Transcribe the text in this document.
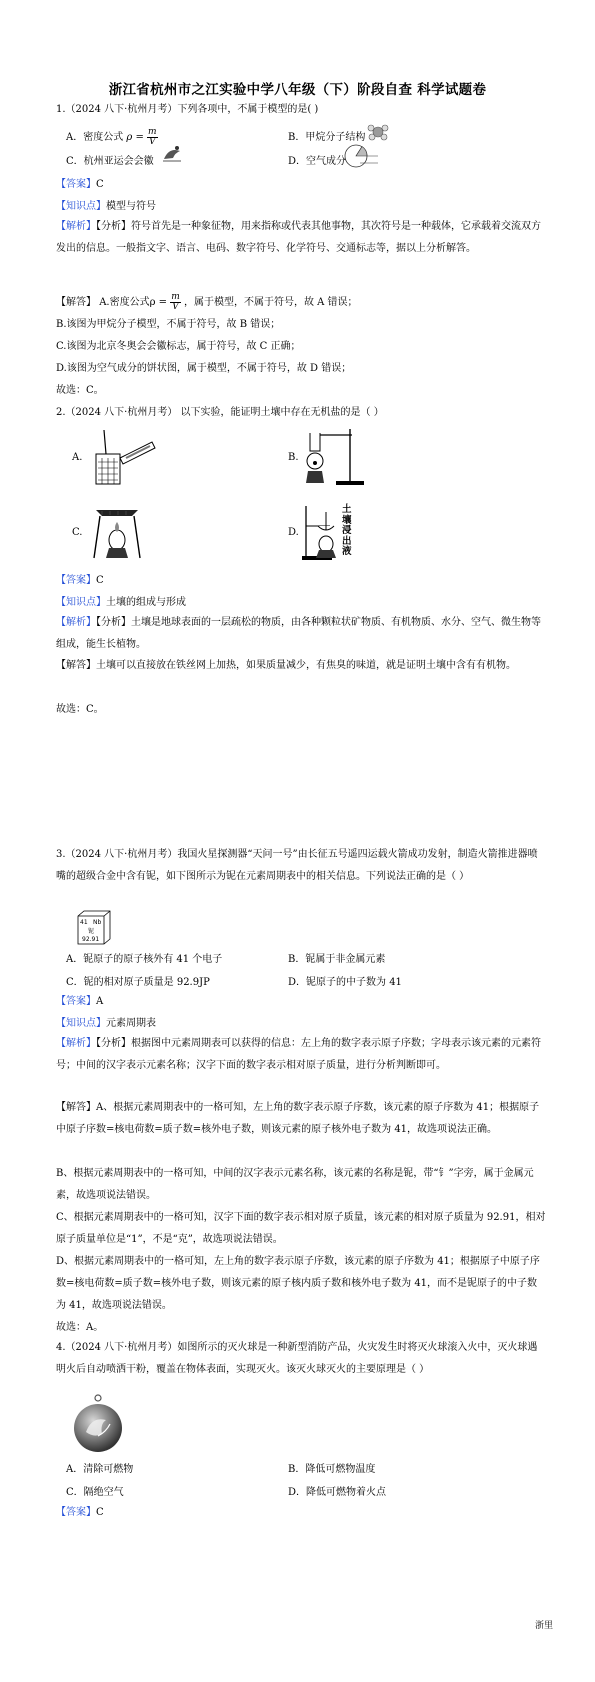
浙江省杭州市之江实验中学八年级（下）阶段自查 科学试题卷
1.（2024 八下·杭州月考）下列各项中，不属于模型的是( )
A．密度公式 $\rho = \frac{m}{V}$	B．甲烷分子结构
C．杭州亚运会会徽	D．空气成分
【答案】C
【知识点】模型与符号
【解析】【分析】符号首先是一种象征物，用来指称或代表其他事物，其次符号是一种载体，它承载着交流双方发出的信息。一般指文字、语言、电码、数字符号、化学符号、交通标志等，据以上分析解答。
【解答】 A.密度公式$\rho = \frac{m}{V}$ ，属于模型，不属于符号，故 A 错误；
B.该图为甲烷分子模型，不属于符号，故 B 错误；
C.该图为北京冬奥会会徽标志，属于符号，故 C 正确；
D.该图为空气成分的饼状图，属于模型，不属于符号，故 D 错误；
故选：C。
2.（2024 八下·杭州月考） 以下实验，能证明土壤中存在无机盐的是（ ）
A.	B.
C.	D.
土壤浸出液
【答案】C
【知识点】土壤的组成与形成
【解析】【分析】土壤是地球表面的一层疏松的物质，由各种颗粒状矿物质、有机物质、水分、空气、微生物等组成，能生长植物。
【解答】土壤可以直接放在铁丝网上加热，如果质量减少，有焦臭的味道，就是证明土壤中含有有机物。
故选：C。
3.（2024 八下·杭州月考）我国火星探测器“天问一号”由长征五号遥四运载火箭成功发射，制造火箭推进器喷嘴的超级合金中含有铌，如下图所示为铌在元素周期表中的相关信息。下列说法正确的是（ ）
41 Nb
铌
92.91
A．铌原子的原子核外有 41 个电子	B．铌属于非金属元素
C．铌的相对原子质量是 92.9JP	D．铌原子的中子数为 41
【答案】A
【知识点】元素周期表
【解析】【分析】根据图中元素周期表可以获得的信息：左上角的数字表示原子序数；字母表示该元素的元素符号；中间的汉字表示元素名称；汉字下面的数字表示相对原子质量，进行分析判断即可。
【解答】A、根据元素周期表中的一格可知，左上角的数字表示原子序数，该元素的原子序数为 41；根据原子中原子序数=核电荷数=质子数=核外电子数，则该元素的原子核外电子数为 41，故选项说法正确。
B、根据元素周期表中的一格可知，中间的汉字表示元素名称，该元素的名称是铌，带“钅”字旁，属于金属元素，故选项说法错误。
C、根据元素周期表中的一格可知，汉字下面的数字表示相对原子质量，该元素的相对原子质量为 92.91，相对原子质量单位是“1”，不是“克”，故选项说法错误。
D、根据元素周期表中的一格可知，左上角的数字表示原子序数，该元素的原子序数为 41；根据原子中原子序数=核电荷数=质子数=核外电子数，则该元素的原子核内质子数和核外电子数为 41，而不是铌原子的中子数为 41，故选项说法错误。
故选：A。
4.（2024 八下·杭州月考）如图所示的灭火球是一种新型消防产品，火灾发生时将灭火球滚入火中，灭火球遇明火后自动喷洒干粉，覆盖在物体表面，实现灭火。该灭火球灭火的主要原理是（ ）
A．清除可燃物	B．降低可燃物温度
C．隔绝空气	D．降低可燃物着火点
【答案】C
浙里
